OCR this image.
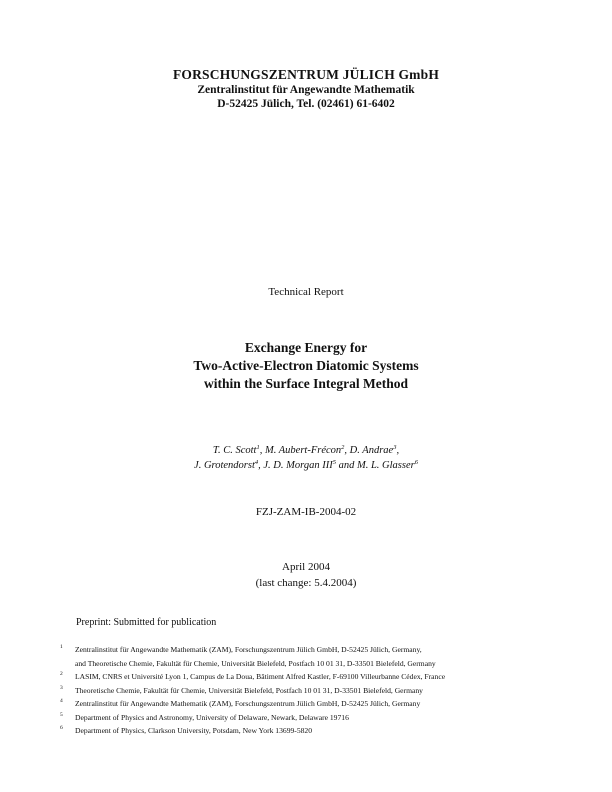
FORSCHUNGSZENTRUM JÜLICH GmbH
Zentralinstitut für Angewandte Mathematik
D-52425 Jülich, Tel. (02461) 61-6402
Technical Report
Exchange Energy for
Two-Active-Electron Diatomic Systems
within the Surface Integral Method
T. C. Scott$^1$, M. Aubert-Frécon$^2$, D. Andrae$^3$,
J. Grotendorst$^4$, J. D. Morgan III$^5$ and M. L. Glasser$^6$
FZJ-ZAM-IB-2004-02
April 2004
(last change: 5.4.2004)
Preprint: Submitted for publication
1 Zentralinstitut für Angewandte Mathematik (ZAM), Forschungszentrum Jülich GmbH, D-52425 Jülich, Germany,
and Theoretische Chemie, Fakultät für Chemie, Universität Bielefeld, Postfach 10 01 31, D-33501 Bielefeld, Germany
2 LASIM, CNRS et Université Lyon 1, Campus de La Doua, Bâtiment Alfred Kastler, F-69100 Villeurbanne Cédex, France
3 Theoretische Chemie, Fakultät für Chemie, Universität Bielefeld, Postfach 10 01 31, D-33501 Bielefeld, Germany
4 Zentralinstitut für Angewandte Mathematik (ZAM), Forschungszentrum Jülich GmbH, D-52425 Jülich, Germany
5 Department of Physics and Astronomy, University of Delaware, Newark, Delaware 19716
6 Department of Physics, Clarkson University, Potsdam, New York 13699-5820
